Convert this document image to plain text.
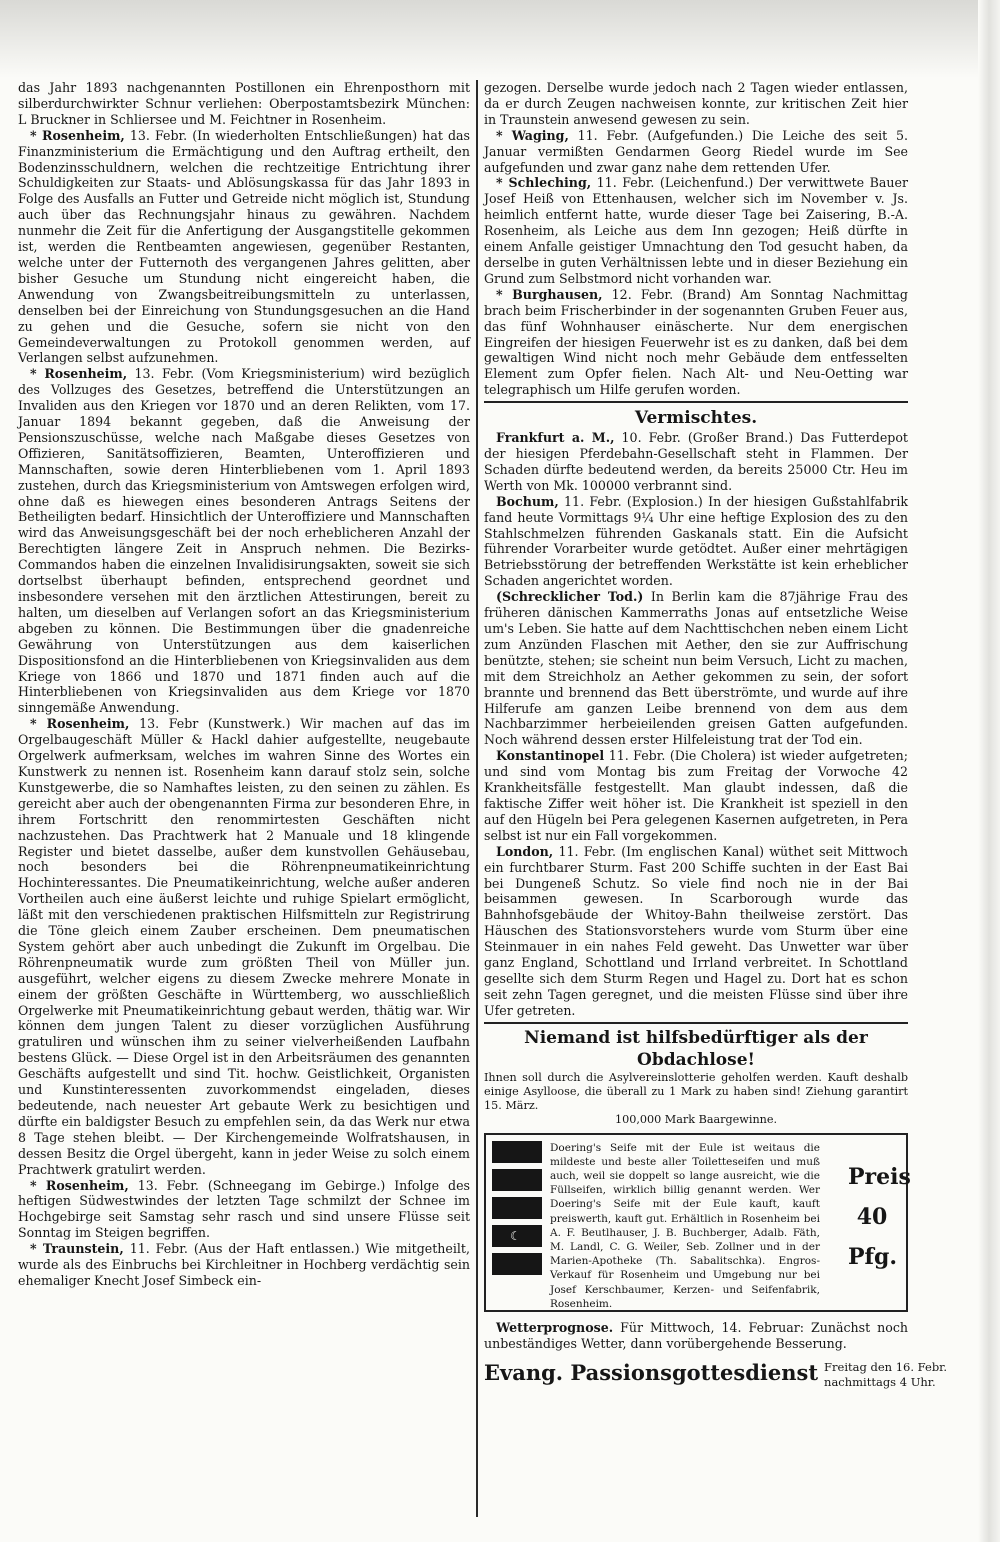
das Jahr 1893 nachgenannten Postillonen ein Ehrenposthorn mit silberdurchwirkter Schnur verliehen: Oberpostamtsbezirk München: L Bruckner in Schliersee und M. Feichtner in Rosenheim.

* Rosenheim, 13. Febr. (In wiederholten Entschließungen) hat das Finanzministerium die Ermächtigung und den Auftrag ertheilt, den Bodenzinsschuldnern, welchen die rechtzeitige Entrichtung ihrer Schuldigkeiten zur Staats- und Ablösungskassa für das Jahr 1893 in Folge des Ausfalls an Futter und Getreide nicht möglich ist, Stundung auch über das Rechnungsjahr hinaus zu gewähren. Nachdem nunmehr die Zeit für die Anfertigung der Ausgangstitelle gekommen ist, werden die Rentbeamten angewiesen, gegenüber Restanten, welche unter der Futternoth des vergangenen Jahres gelitten, aber bisher Gesuche um Stundung nicht eingereicht haben, die Anwendung von Zwangsbeitreibungsmitteln zu unterlassen, denselben bei der Einreichung von Stundungsgesuchen an die Hand zu gehen und die Gesuche, sofern sie nicht von den Gemeindeverwaltungen zu Protokoll genommen werden, auf Verlangen selbst aufzunehmen.

* Rosenheim, 13. Febr. (Vom Kriegsministerium) wird bezüglich des Vollzuges des Gesetzes, betreffend die Unterstützungen an Invaliden aus den Kriegen vor 1870 und an deren Relikten, vom 17. Januar 1894 bekannt gegeben, daß die Anweisung der Pensionszuschüsse, welche nach Maßgabe dieses Gesetzes von Offizieren, Sanitätsoffizieren, Beamten, Unteroffizieren und Mannschaften, sowie deren Hinterbliebenen vom 1. April 1893 zustehen, durch das Kriegsministerium von Amtswegen erfolgen wird, ohne daß es hiewegen eines besonderen Antrags Seitens der Betheiligten bedarf. Hinsichtlich der Unteroffiziere und Mannschaften wird das Anweisungsgeschäft bei der noch erheblicheren Anzahl der Berechtigten längere Zeit in Anspruch nehmen. Die Bezirks-Commandos haben die einzelnen Invalidisirungsakten, soweit sie sich dortselbst überhaupt befinden, entsprechend geordnet und insbesondere versehen mit den ärztlichen Attestirungen, bereit zu halten, um dieselben auf Verlangen sofort an das Kriegsministerium abgeben zu können. Die Bestimmungen über die gnadenreiche Gewährung von Unterstützungen aus dem kaiserlichen Dispositionsfond an die Hinterbliebenen von Kriegsinvaliden aus dem Kriege von 1866 und 1870 und 1871 finden auch auf die Hinterbliebenen von Kriegsinvaliden aus dem Kriege vor 1870 sinngemäße Anwendung.

* Rosenheim, 13. Febr (Kunstwerk.) Wir machen auf das im Orgelbaugeschäft Müller & Hackl dahier aufgestellte, neugebaute Orgelwerk aufmerksam, welches im wahren Sinne des Wortes ein Kunstwerk zu nennen ist. Rosenheim kann darauf stolz sein, solche Kunstgewerbe, die so Namhaftes leisten, zu den seinen zu zählen. Es gereicht aber auch der obengenannten Firma zur besonderen Ehre, in ihrem Fortschritt den renommirtesten Geschäften nicht nachzustehen. Das Prachtwerk hat 2 Manuale und 18 klingende Register und bietet dasselbe, außer dem kunstvollen Gehäusebau, noch besonders bei die Röhrenpneumatikeinrichtung Hochinteressantes. Die Pneumatikeinrichtung, welche außer anderen Vortheilen auch eine äußerst leichte und ruhige Spielart ermöglicht, läßt mit den verschiedenen praktischen Hilfsmitteln zur Registrirung die Töne gleich einem Zauber erscheinen. Dem pneumatischen System gehört aber auch unbedingt die Zukunft im Orgelbau. Die Röhrenpneumatik wurde zum größten Theil von Müller jun. ausgeführt, welcher eigens zu diesem Zwecke mehrere Monate in einem der größten Geschäfte in Württemberg, wo ausschließlich Orgelwerke mit Pneumatikeinrichtung gebaut werden, thätig war. Wir können dem jungen Talent zu dieser vorzüglichen Ausführung gratuliren und wünschen ihm zu seiner vielverheißenden Laufbahn bestens Glück. — Diese Orgel ist in den Arbeitsräumen des genannten Geschäfts aufgestellt und sind Tit. hochw. Geistlichkeit, Organisten und Kunstinteressenten zuvorkommendst eingeladen, dieses bedeutende, nach neuester Art gebaute Werk zu besichtigen und dürfte ein baldigster Besuch zu empfehlen sein, da das Werk nur etwa 8 Tage stehen bleibt. — Der Kirchengemeinde Wolfratshausen, in dessen Besitz die Orgel übergeht, kann in jeder Weise zu solch einem Prachtwerk gratulirt werden.

* Rosenheim, 13. Febr. (Schneegang im Gebirge.) Infolge des heftigen Südwestwindes der letzten Tage schmilzt der Schnee im Hochgebirge seit Samstag sehr rasch und sind unsere Flüsse seit Sonntag im Steigen begriffen.

* Traunstein, 11. Febr. (Aus der Haft entlassen.) Wie mitgetheilt, wurde als des Einbruchs bei Kirchleitner in Hochberg verdächtig sein ehemaliger Knecht Josef Simbeck ein-

gezogen. Derselbe wurde jedoch nach 2 Tagen wieder entlassen, da er durch Zeugen nachweisen konnte, zur kritischen Zeit hier in Traunstein anwesend gewesen zu sein.

* Waging, 11. Febr. (Aufgefunden.) Die Leiche des seit 5. Januar vermißten Gendarmen Georg Riedel wurde im See aufgefunden und zwar ganz nahe dem rettenden Ufer.

* Schleching, 11. Febr. (Leichenfund.) Der verwittwete Bauer Josef Heiß von Ettenhausen, welcher sich im November v. Js. heimlich entfernt hatte, wurde dieser Tage bei Zaisering, B.-A. Rosenheim, als Leiche aus dem Inn gezogen; Heiß dürfte in einem Anfalle geistiger Umnachtung den Tod gesucht haben, da derselbe in guten Verhältnissen lebte und in dieser Beziehung ein Grund zum Selbstmord nicht vorhanden war.

* Burghausen, 12. Febr. (Brand) Am Sonntag Nachmittag brach beim Frischerbinder in der sogenannten Gruben Feuer aus, das fünf Wohnhauser einäscherte. Nur dem energischen Eingreifen der hiesigen Feuerwehr ist es zu danken, daß bei dem gewaltigen Wind nicht noch mehr Gebäude dem entfesselten Element zum Opfer fielen. Nach Alt- und Neu-Oetting war telegraphisch um Hilfe gerufen worden.

Vermischtes.

Frankfurt a. M., 10. Febr. (Großer Brand.) Das Futterdepot der hiesigen Pferdebahn-Gesellschaft steht in Flammen. Der Schaden dürfte bedeutend werden, da bereits 25000 Ctr. Heu im Werth von Mk. 100000 verbrannt sind.

Bochum, 11. Febr. (Explosion.) In der hiesigen Gußstahlfabrik fand heute Vormittags 9¼ Uhr eine heftige Explosion des zu den Stahlschmelzen führenden Gaskanals statt. Ein die Aufsicht führender Vorarbeiter wurde getödtet. Außer einer mehrtägigen Betriebsstörung der betreffenden Werkstätte ist kein erheblicher Schaden angerichtet worden.

(Schrecklicher Tod.) In Berlin kam die 87jährige Frau des früheren dänischen Kammerraths Jonas auf entsetzliche Weise um's Leben. Sie hatte auf dem Nachttischchen neben einem Licht zum Anzünden Flaschen mit Aether, den sie zur Auffrischung benützte, stehen; sie scheint nun beim Versuch, Licht zu machen, mit dem Streichholz an Aether gekommen zu sein, der sofort brannte und brennend das Bett überströmte, und wurde auf ihre Hilferufe am ganzen Leibe brennend von dem aus dem Nachbarzimmer herbeieilenden greisen Gatten aufgefunden. Noch während dessen erster Hilfeleistung trat der Tod ein.

Konstantinopel 11. Febr. (Die Cholera) ist wieder aufgetreten; und sind vom Montag bis zum Freitag der Vorwoche 42 Krankheitsfälle festgestellt. Man glaubt indessen, daß die faktische Ziffer weit höher ist. Die Krankheit ist speziell in den auf den Hügeln bei Pera gelegenen Kasernen aufgetreten, in Pera selbst ist nur ein Fall vorgekommen.

London, 11. Febr. (Im englischen Kanal) wüthet seit Mittwoch ein furchtbarer Sturm. Fast 200 Schiffe suchten in der East Bai bei Dungeneß Schutz. So viele find noch nie in der Bai beisammen gewesen. In Scarborough wurde das Bahnhofsgebäude der Whitoy-Bahn theilweise zerstört. Das Häuschen des Stationsvorstehers wurde vom Sturm über eine Steinmauer in ein nahes Feld geweht. Das Unwetter war über ganz England, Schottland und Irrland verbreitet. In Schottland gesellte sich dem Sturm Regen und Hagel zu. Dort hat es schon seit zehn Tagen geregnet, und die meisten Flüsse sind über ihre Ufer getreten.

Niemand ist hilfsbedürftiger als der Obdachlose!

Ihnen soll durch die Asylvereinslotterie geholfen werden. Kauft deshalb einige Asylloose, die überall zu 1 Mark zu haben sind! Ziehung garantirt 15. März.

100,000 Mark Baargewinne.

☾

Doering's Seife mit der Eule ist weitaus die mildeste und beste aller Toiletteseifen und muß auch, weil sie doppelt so lange ausreicht, wie die Füllseifen, wirklich billig genannt werden. Wer Doering's Seife mit der Eule kauft, kauft preiswerth, kauft gut. Erhältlich in Rosenheim bei A. F. Beutlhauser, J. B. Buchberger, Adalb. Fäth, M. Landl, C. G. Weiler, Seb. Zollner und in der Marien-Apotheke (Th. Sabalitschka). Engros-Verkauf für Rosenheim und Umgebung nur bei Josef Kerschbaumer, Kerzen- und Seifenfabrik, Rosenheim.

Preis
40
Pfg.

Wetterprognose. Für Mittwoch, 14. Februar: Zunächst noch unbeständiges Wetter, dann vorübergehende Besserung.

Evang. Passionsgottesdienst Freitag den 16. Febr. nachmittags 4 Uhr.
